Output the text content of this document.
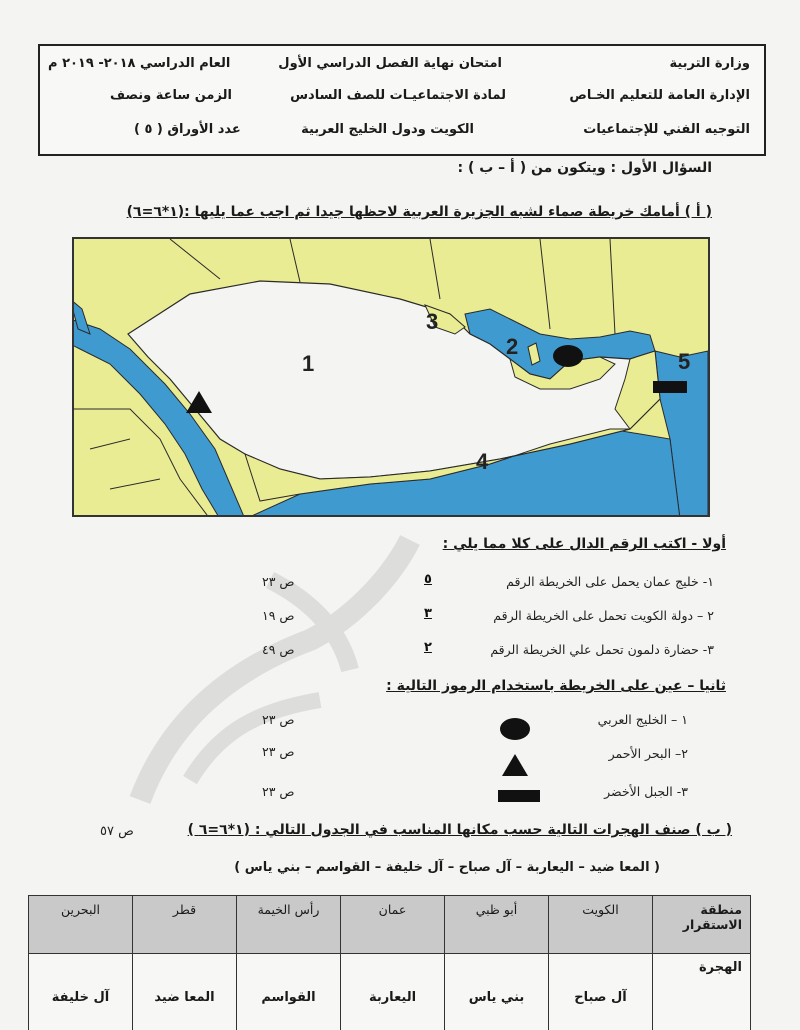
وزارة التربية
الإدارة العامة للتعليم الخـاص
التوجيه الفني للإجتماعيات
امتحان نهاية الفصل الدراسي الأول
لمادة الاجتماعيـات للصف السادس
الكويت ودول الخليج العربية
العام الدراسي ٢٠١٨- ٢٠١٩ م
الزمن ساعة ونصف
عدد الأوراق ( ٥ )
السؤال الأول : ويتكون من ( أ – ب ) :
( أ ) أمامك خريطة صماء لشبه الجزيرة العربية لاحظها جيدا ثم اجب عما يليها :(١*٦=٦)
1
2
3
4
5
أولا - اكتب الرقم الدال على كلا مما يلي :
١- خليج عمان يحمل على الخريطة الرقم
٥
ص ٢٣
٢ – دولة الكويت تحمل على الخريطة الرقم
٣
ص ١٩
٣- حضارة دلمون تحمل علي الخريطة الرقم
٢
ص ٤٩
ثانيا – عين على الخريطة باستخدام الرموز التالية :
١ – الخليج العربي
ص ٢٣
٢– البحر الأحمر
ص ٢٣
٣- الجبل الأخضر
ص ٢٣
( ب ) صنف الهجرات التالية حسب مكانها المناسب في الجدول التالي : (١*٦=٦ )
ص ٥٧
( المعا ضيد – اليعاربة – آل صباح – آل خليفة – القواسم – بني ياس )
منطقة الاستقرار	الكويت	أبو ظبي	عمان	رأس الخيمة	قطر	البحرين
الهجرة	آل صباح	بني ياس	اليعاربة	القواسم	المعا ضيد	آل خليفة
